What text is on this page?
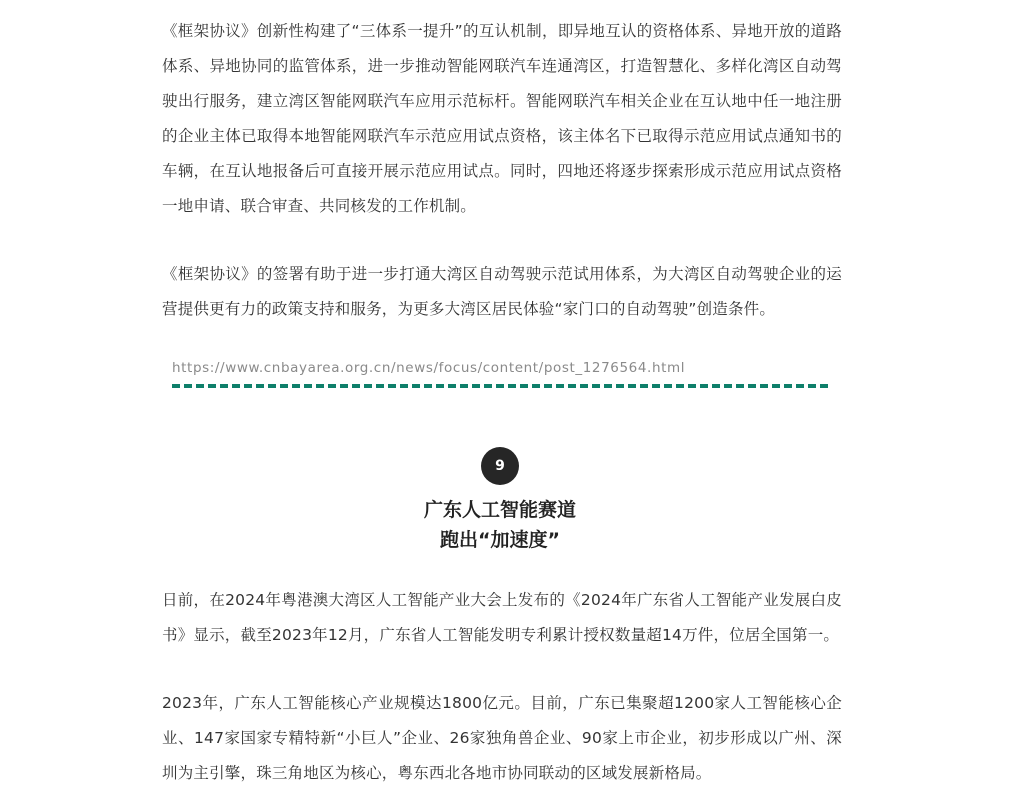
《框架协议》创新性构建了“三体系一提升”的互认机制，即异地互认的资格体系、异地开放的道路体系、异地协同的监管体系，进一步推动智能网联汽车连通湾区，打造智慧化、多样化湾区自动驾驶出行服务，建立湾区智能网联汽车应用示范标杆。智能网联汽车相关企业在互认地中任一地注册的企业主体已取得本地智能网联汽车示范应用试点资格，该主体名下已取得示范应用试点通知书的车辆，在互认地报备后可直接开展示范应用试点。同时，四地还将逐步探索形成示范应用试点资格一地申请、联合审查、共同核发的工作机制。

《框架协议》的签署有助于进一步打通大湾区自动驾驶示范试用体系，为大湾区自动驾驶企业的运营提供更有力的政策支持和服务，为更多大湾区居民体验“家门口的自动驾驶”创造条件。

https://www.cnbayarea.org.cn/news/focus/content/post_1276564.html
9
广东人工智能赛道
跑出“加速度”

日前，在2024年粤港澳大湾区人工智能产业大会上发布的《2024年广东省人工智能产业发展白皮书》显示，截至2023年12月，广东省人工智能发明专利累计授权数量超14万件，位居全国第一。

2023年，广东人工智能核心产业规模达1800亿元。目前，广东已集聚超1200家人工智能核心企业、147家国家专精特新“小巨人”企业、26家独角兽企业、90家上市企业，初步形成以广州、深圳为主引擎，珠三角地区为核心，粤东西北各地市协同联动的区域发展新格局。
